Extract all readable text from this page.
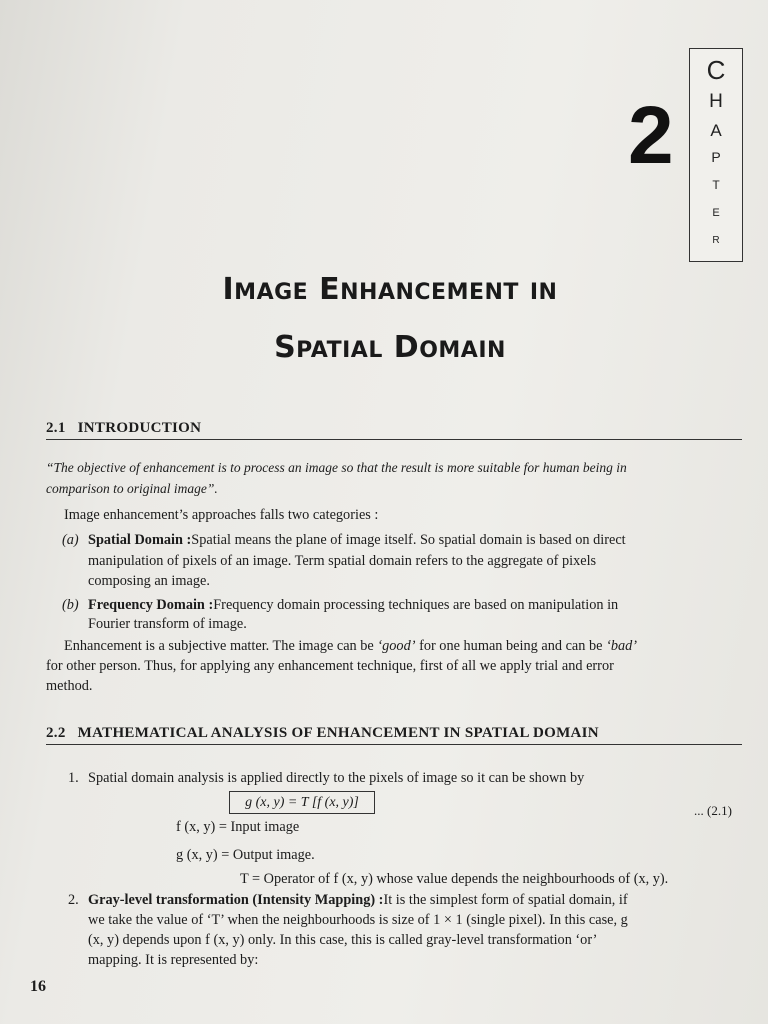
2
C
H
A
P
T
E
R
IMAGE ENHANCEMENT IN
SPATIAL DOMAIN
2.1 INTRODUCTION
“The objective of enhancement is to process an image so that the result is more suitable for human being in
comparison to original image”.
Image enhancement’s approaches falls two categories :
(a) Spatial Domain :Spatial means the plane of image itself. So spatial domain is based on direct
manipulation of pixels of an image. Term spatial domain refers to the aggregate of pixels
composing an image.
(b) Frequency Domain :Frequency domain processing techniques are based on manipulation in
Fourier transform of image.
Enhancement is a subjective matter. The image can be ‘good’ for one human being and can be ‘bad’
for other person. Thus, for applying any enhancement technique, first of all we apply trial and error
method.
2.2 MATHEMATICAL ANALYSIS OF ENHANCEMENT IN SPATIAL DOMAIN
1. Spatial domain analysis is applied directly to the pixels of image so it can be shown by
g (x, y) = T [f (x, y)]
... (2.1)
f (x, y) = Input image
g (x, y) = Output image.
T = Operator of f (x, y) whose value depends the neighbourhoods of (x, y).
2. Gray-level transformation (Intensity Mapping) :It is the simplest form of spatial domain, if
we take the value of ‘T’ when the neighbourhoods is size of 1 × 1 (single pixel). In this case, g
(x, y) depends upon f (x, y) only. In this case, this is called gray-level transformation ‘or’
mapping. It is represented by:
16
